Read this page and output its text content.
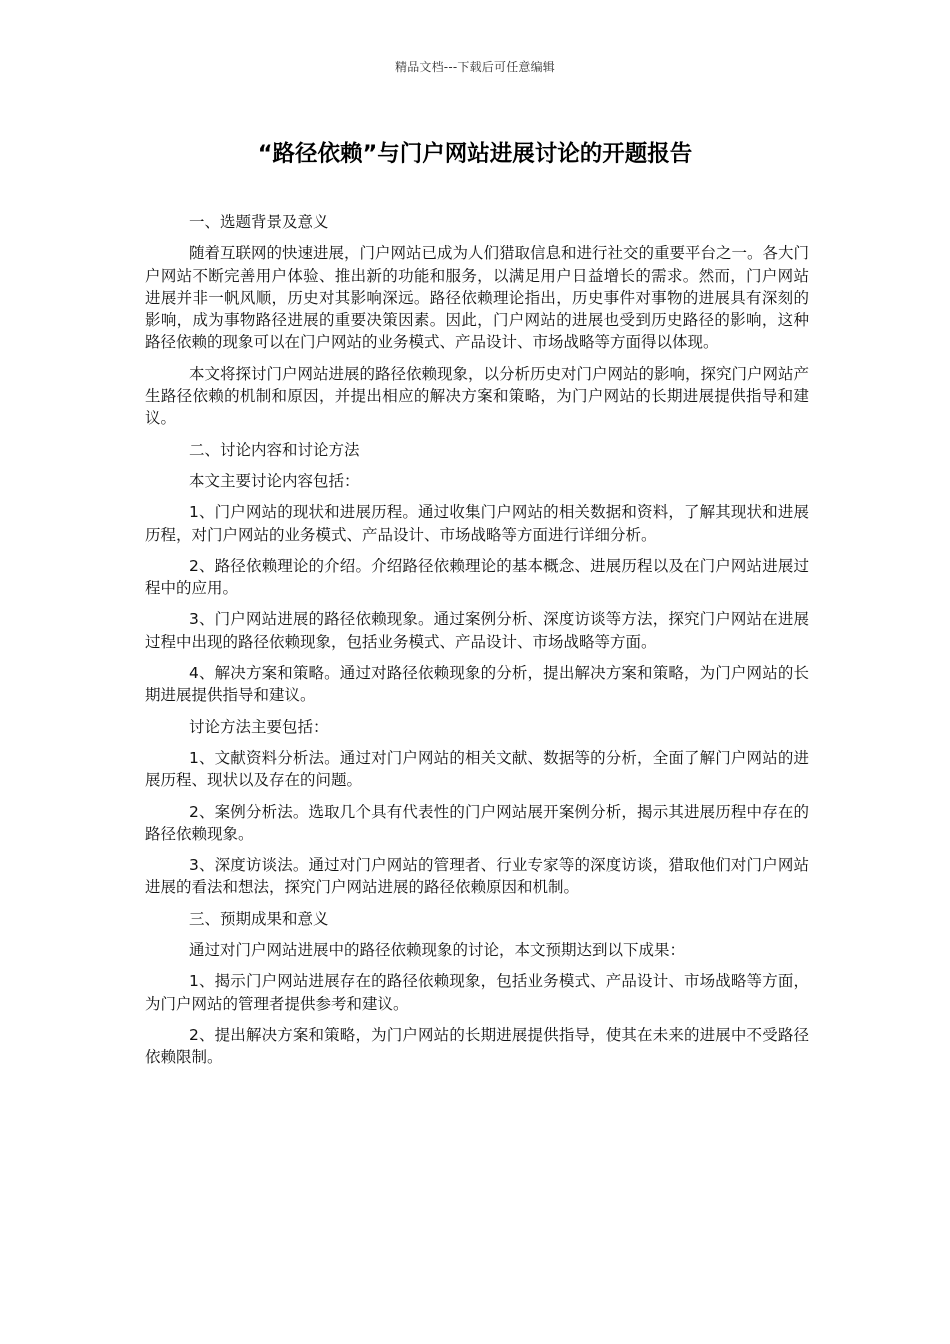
精品文档---下载后可任意编辑
“路径依赖”与门户网站进展讨论的开题报告

一、选题背景及意义

随着互联网的快速进展，门户网站已成为人们猎取信息和进行社交的重要平台之一。各大门户网站不断完善用户体验、推出新的功能和服务，以满足用户日益增长的需求。然而，门户网站进展并非一帆风顺，历史对其影响深远。路径依赖理论指出，历史事件对事物的进展具有深刻的影响，成为事物路径进展的重要决策因素。因此，门户网站的进展也受到历史路径的影响，这种路径依赖的现象可以在门户网站的业务模式、产品设计、市场战略等方面得以体现。

本文将探讨门户网站进展的路径依赖现象，以分析历史对门户网站的影响，探究门户网站产生路径依赖的机制和原因，并提出相应的解决方案和策略，为门户网站的长期进展提供指导和建议。

二、讨论内容和讨论方法

本文主要讨论内容包括：

1、门户网站的现状和进展历程。通过收集门户网站的相关数据和资料，了解其现状和进展历程，对门户网站的业务模式、产品设计、市场战略等方面进行详细分析。

2、路径依赖理论的介绍。介绍路径依赖理论的基本概念、进展历程以及在门户网站进展过程中的应用。

3、门户网站进展的路径依赖现象。通过案例分析、深度访谈等方法，探究门户网站在进展过程中出现的路径依赖现象，包括业务模式、产品设计、市场战略等方面。

4、解决方案和策略。通过对路径依赖现象的分析，提出解决方案和策略，为门户网站的长期进展提供指导和建议。

讨论方法主要包括：

1、文献资料分析法。通过对门户网站的相关文献、数据等的分析，全面了解门户网站的进展历程、现状以及存在的问题。

2、案例分析法。选取几个具有代表性的门户网站展开案例分析，揭示其进展历程中存在的路径依赖现象。

3、深度访谈法。通过对门户网站的管理者、行业专家等的深度访谈，猎取他们对门户网站进展的看法和想法，探究门户网站进展的路径依赖原因和机制。

三、预期成果和意义

通过对门户网站进展中的路径依赖现象的讨论，本文预期达到以下成果：

1、揭示门户网站进展存在的路径依赖现象，包括业务模式、产品设计、市场战略等方面，为门户网站的管理者提供参考和建议。

2、提出解决方案和策略，为门户网站的长期进展提供指导，使其在未来的进展中不受路径依赖限制。
